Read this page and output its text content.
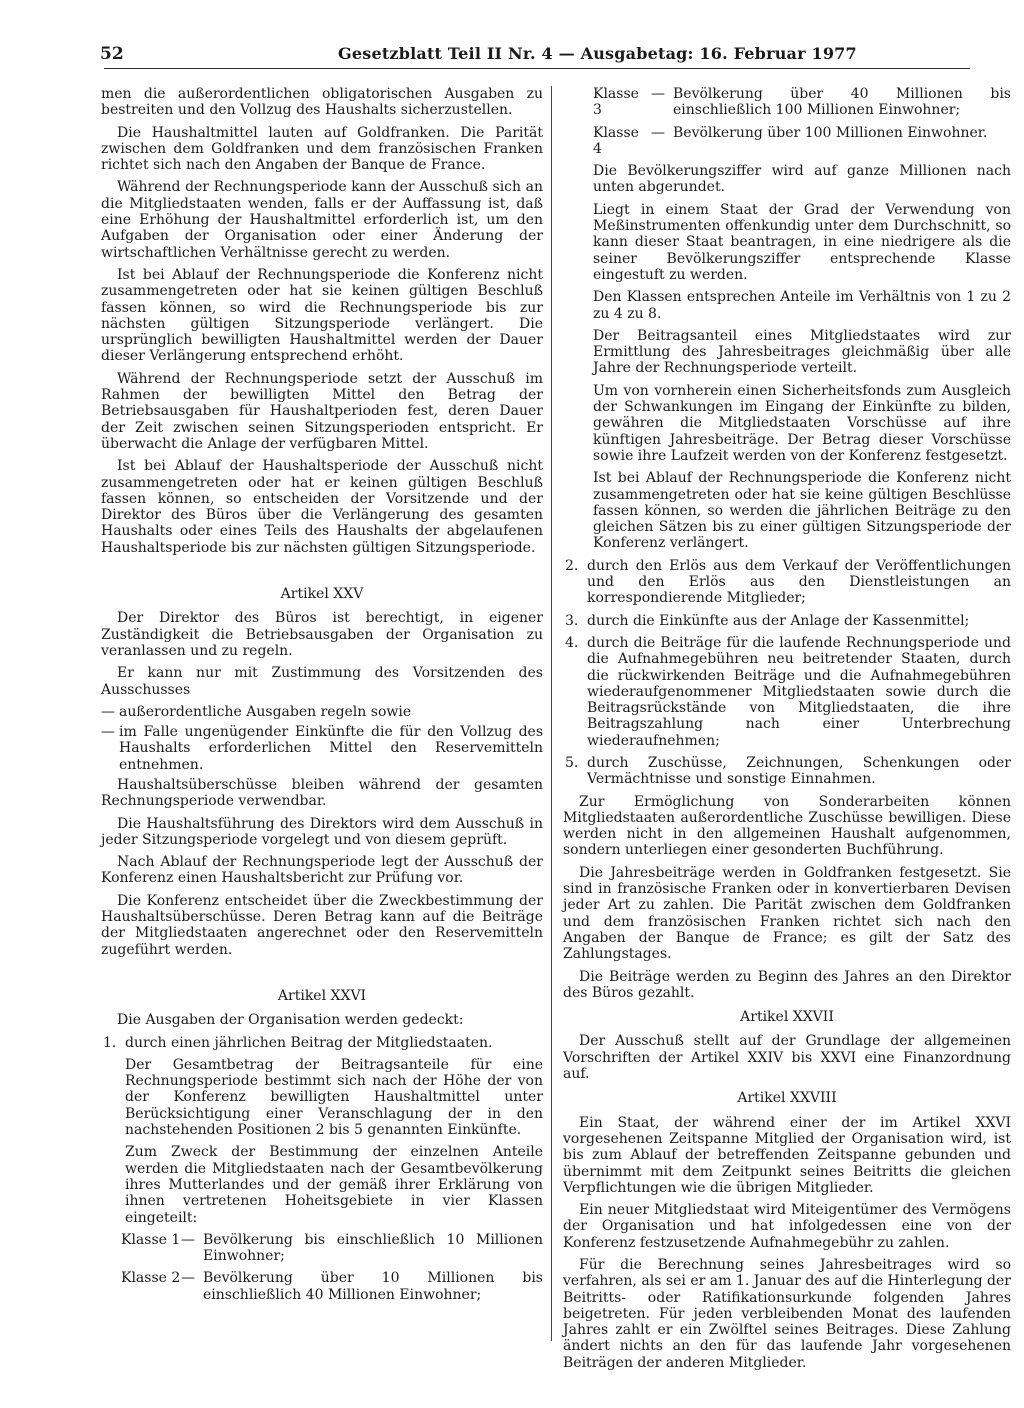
52	Gesetzblatt Teil II Nr. 4 — Ausgabetag: 16. Februar 1977

men die außerordentlichen obligatorischen Ausgaben zu bestreiten und den Vollzug des Haushalts sicherzustellen.

Die Haushaltmittel lauten auf Goldfranken. Die Parität zwischen dem Goldfranken und dem französischen Franken richtet sich nach den Angaben der Banque de France.

Während der Rechnungsperiode kann der Ausschuß sich an die Mitgliedstaaten wenden, falls er der Auffassung ist, daß eine Erhöhung der Haushaltmittel erforderlich ist, um den Aufgaben der Organisation oder einer Änderung der wirtschaftlichen Verhältnisse gerecht zu werden.

Ist bei Ablauf der Rechnungsperiode die Konferenz nicht zusammengetreten oder hat sie keinen gültigen Beschluß fassen können, so wird die Rechnungsperiode bis zur nächsten gültigen Sitzungsperiode verlängert. Die ursprünglich bewilligten Haushaltmittel werden der Dauer dieser Verlängerung entsprechend erhöht.

Während der Rechnungsperiode setzt der Ausschuß im Rahmen der bewilligten Mittel den Betrag der Betriebsausgaben für Haushaltperioden fest, deren Dauer der Zeit zwischen seinen Sitzungsperioden entspricht. Er überwacht die Anlage der verfügbaren Mittel.

Ist bei Ablauf der Haushaltsperiode der Ausschuß nicht zusammengetreten oder hat er keinen gültigen Beschluß fassen können, so entscheiden der Vorsitzende und der Direktor des Büros über die Verlängerung des gesamten Haushalts oder eines Teils des Haushalts der abgelaufenen Haushaltsperiode bis zur nächsten gültigen Sitzungsperiode.

Artikel XXV

Der Direktor des Büros ist berechtigt, in eigener Zuständigkeit die Betriebsausgaben der Organisation zu veranlassen und zu regeln.

Er kann nur mit Zustimmung des Vorsitzenden des Ausschusses

— außerordentliche Ausgaben regeln sowie
— im Falle ungenügender Einkünfte die für den Vollzug des Haushalts erforderlichen Mittel den Reservemitteln entnehmen.

Haushaltsüberschüsse bleiben während der gesamten Rechnungsperiode verwendbar.

Die Haushaltsführung des Direktors wird dem Ausschuß in jeder Sitzungsperiode vorgelegt und von diesem geprüft.

Nach Ablauf der Rechnungsperiode legt der Ausschuß der Konferenz einen Haushaltsbericht zur Prüfung vor.

Die Konferenz entscheidet über die Zweckbestimmung der Haushaltsüberschüsse. Deren Betrag kann auf die Beiträge der Mitgliedstaaten angerechnet oder den Reservemitteln zugeführt werden.

Artikel XXVI

Die Ausgaben der Organisation werden gedeckt:

1. durch einen jährlichen Beitrag der Mitgliedstaaten.

Der Gesamtbetrag der Beitragsanteile für eine Rechnungsperiode bestimmt sich nach der Höhe der von der Konferenz bewilligten Haushaltmittel unter Berücksichtigung einer Veranschlagung der in den nachstehenden Positionen 2 bis 5 genannten Einkünfte.

Zum Zweck der Bestimmung der einzelnen Anteile werden die Mitgliedstaaten nach der Gesamtbevölkerung ihres Mutterlandes und der gemäß ihrer Erklärung von ihnen vertretenen Hoheitsgebiete in vier Klassen eingeteilt:

Klasse 1 — Bevölkerung bis einschließlich 10 Millionen Einwohner;
Klasse 2 — Bevölkerung über 10 Millionen bis einschließlich 40 Millionen Einwohner;
Klasse 3
— Bevölkerung über 40 Millionen bis einschließlich 100 Millionen Einwohner;
Klasse 4
— Bevölkerung über 100 Millionen Einwohner.

Die Bevölkerungsziffer wird auf ganze Millionen nach unten abgerundet.

Liegt in einem Staat der Grad der Verwendung von Meßinstrumenten offenkundig unter dem Durchschnitt, so kann dieser Staat beantragen, in eine niedrigere als die seiner Bevölkerungsziffer entsprechende Klasse eingestuft zu werden.

Den Klassen entsprechen Anteile im Verhältnis von 1 zu 2 zu 4 zu 8.

Der Beitragsanteil eines Mitgliedstaates wird zur Ermittlung des Jahresbeitrages gleichmäßig über alle Jahre der Rechnungsperiode verteilt.

Um von vornherein einen Sicherheitsfonds zum Ausgleich der Schwankungen im Eingang der Einkünfte zu bilden, gewähren die Mitgliedstaaten Vorschüsse auf ihre künftigen Jahresbeiträge. Der Betrag dieser Vorschüsse sowie ihre Laufzeit werden von der Konferenz festgesetzt.

Ist bei Ablauf der Rechnungsperiode die Konferenz nicht zusammengetreten oder hat sie keine gültigen Beschlüsse fassen können, so werden die jährlichen Beiträge zu den gleichen Sätzen bis zu einer gültigen Sitzungsperiode der Konferenz verlängert.

2. durch den Erlös aus dem Verkauf der Veröffentlichungen und den Erlös aus den Dienstleistungen an korrespondierende Mitglieder;
3. durch die Einkünfte aus der Anlage der Kassenmittel;
4. durch die Beiträge für die laufende Rechnungsperiode und die Aufnahmegebühren neu beitretender Staaten, durch die rückwirkenden Beiträge und die Aufnahmegebühren wiederaufgenommener Mitgliedstaaten sowie durch die Beitragsrückstände von Mitgliedstaaten, die ihre Beitragszahlung nach einer Unterbrechung wiederaufnehmen;
5. durch Zuschüsse, Zeichnungen, Schenkungen oder Vermächtnisse und sonstige Einnahmen.

Zur Ermöglichung von Sonderarbeiten können Mitgliedstaaten außerordentliche Zuschüsse bewilligen. Diese werden nicht in den allgemeinen Haushalt aufgenommen, sondern unterliegen einer gesonderten Buchführung.

Die Jahresbeiträge werden in Goldfranken festgesetzt. Sie sind in französische Franken oder in konvertierbaren Devisen jeder Art zu zahlen. Die Parität zwischen dem Goldfranken und dem französischen Franken richtet sich nach den Angaben der Banque de France; es gilt der Satz des Zahlungstages.

Die Beiträge werden zu Beginn des Jahres an den Direktor des Büros gezahlt.

Artikel XXVII

Der Ausschuß stellt auf der Grundlage der allgemeinen Vorschriften der Artikel XXIV bis XXVI eine Finanzordnung auf.

Artikel XXVIII

Ein Staat, der während einer der im Artikel XXVI vorgesehenen Zeitspanne Mitglied der Organisation wird, ist bis zum Ablauf der betreffenden Zeitspanne gebunden und übernimmt mit dem Zeitpunkt seines Beitritts die gleichen Verpflichtungen wie die übrigen Mitglieder.

Ein neuer Mitgliedstaat wird Miteigentümer des Vermögens der Organisation und hat infolgedessen eine von der Konferenz festzusetzende Aufnahmegebühr zu zahlen.

Für die Berechnung seines Jahresbeitrages wird so verfahren, als sei er am 1. Januar des auf die Hinterlegung der Beitritts- oder Ratifikationsurkunde folgenden Jahres beigetreten. Für jeden verbleibenden Monat des laufenden Jahres zahlt er ein Zwölftel seines Beitrages. Diese Zahlung ändert nichts an den für das laufende Jahr vorgesehenen Beiträgen der anderen Mitglieder.
